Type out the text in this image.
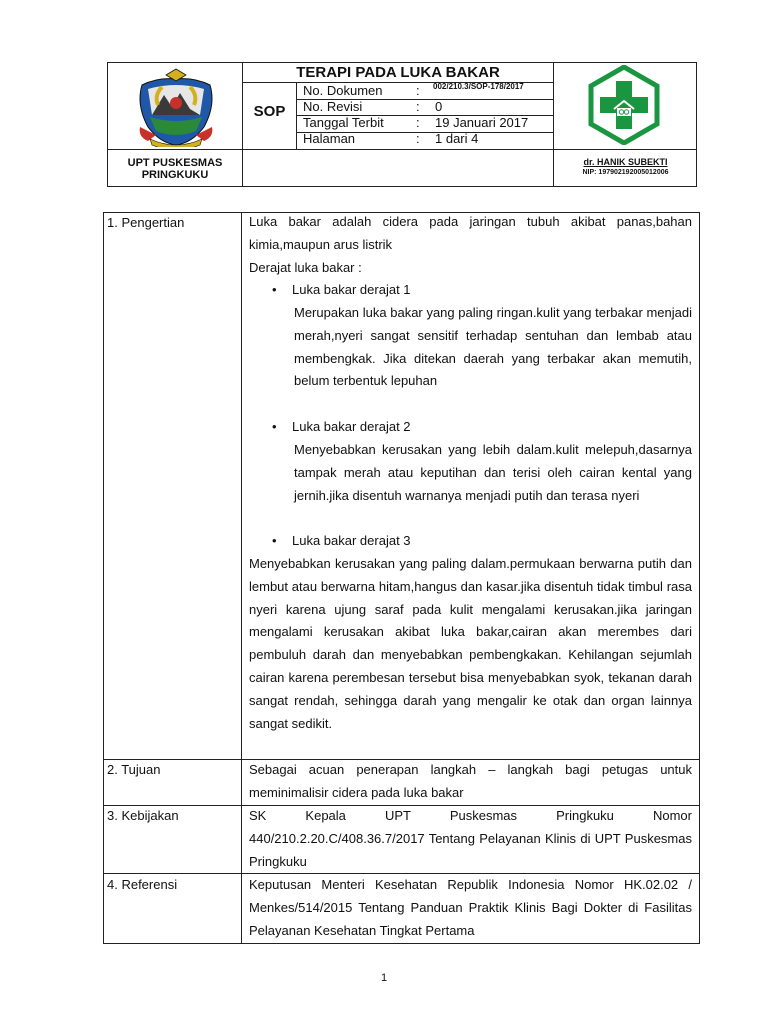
UPT PUSKESMAS PRINGKUKU
TERAPI PADA LUKA BAKAR
SOP
No. Dokumen	: 002/210.3/SOP-178/2017
No. Revisi	: 0
Tanggal Terbit : 19 Januari 2017
Halaman	: 1 dari 4
dr. HANIK SUBEKTI
NIP: 197902192005012006
1. Pengertian	Luka bakar adalah cidera pada jaringan tubuh akibat panas,bahan kimia,maupun arus listrik

Derajat luka bakar :

• Luka bakar derajat 1
Merupakan luka bakar yang paling ringan.kulit yang terbakar menjadi merah,nyeri sangat sensitif terhadap sentuhan dan lembab atau membengkak. Jika ditekan daerah yang terbakar akan memutih, belum terbentuk lepuhan
• Luka bakar derajat 2
Menyebabkan kerusakan yang lebih dalam.kulit melepuh,dasarnya tampak merah atau keputihan dan terisi oleh cairan kental yang jernih.jika disentuh warnanya menjadi putih dan terasa nyeri
• Luka bakar derajat 3
Menyebabkan kerusakan yang paling dalam.permukaan berwarna putih dan lembut atau berwarna hitam,hangus dan kasar.jika disentuh tidak timbul rasa nyeri karena ujung saraf pada kulit mengalami kerusakan.jika jaringan mengalami kerusakan akibat luka bakar,cairan akan merembes dari pembuluh darah dan menyebabkan pembengkakan. Kehilangan sejumlah cairan karena perembesan tersebut bisa menyebabkan syok, tekanan darah sangat rendah, sehingga darah yang mengalir ke otak dan organ lainnya sangat sedikit.
2. Tujuan	Sebagai acuan penerapan langkah – langkah bagi petugas untuk meminimalisir cidera pada luka bakar
3. Kebijakan	SK Kepala UPT Puskesmas Pringkuku Nomor 440/210.2.20.C/408.36.7/2017 Tentang Pelayanan Klinis di UPT Puskesmas Pringkuku
4. Referensi	Keputusan Menteri Kesehatan Republik Indonesia Nomor HK.02.02 / Menkes/514/2015 Tentang Panduan Praktik Klinis Bagi Dokter di Fasilitas Pelayanan Kesehatan Tingkat Pertama
1
